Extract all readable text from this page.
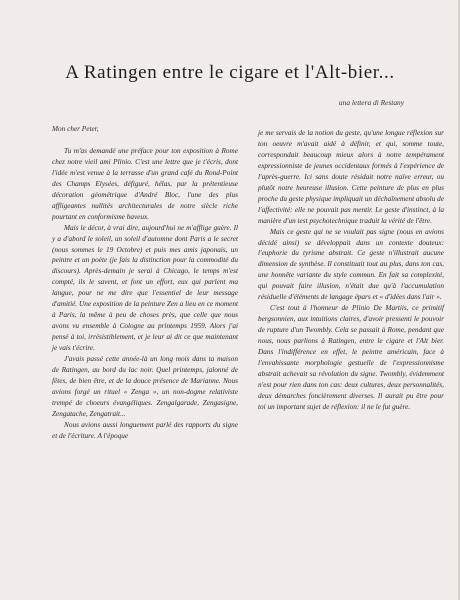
A Ratingen entre le cigare et l'Alt-bier...
una lettera di Restany

Mon cher Peter,

Tu m'as demandé une préface pour ton exposition à Rome chez notre vieil ami Plinio. C'est une lettre que je t'écris, dont l'idée m'est venue à la terrasse d'un grand café du Rond-Point des Champs Elysées, défiguré, hélas, par la prétentieuse décoration géométrique d'André Bloc, l'une des plus affligeantes nullités architecturales de notre siècle riche pourtant en conformisme baveux.

Mais le décor, à vrai dire, aujourd'hui ne m'afflige guère. Il y a d'abord le soleil, un soleil d'automne dont Paris a le secret (nous sommes le 19 Octobre) et puis mes amis japonais, un peintre et un poète (je fais la distinction pour la commodité du discours). Après-demain je serai à Chicago, le temps m'est compté, ils le savent, et font un effort, eux qui parlent ma langue, pour ne me dire que l'essentiel de leur message d'amitié. Une exposition de la peinture Zen a lieu en ce moment à Paris, la même à peu de choses près, que celle que nous avons vu ensemble à Cologne au printemps 1959. Alors j'ai pensé à toi, irrésistiblement, et je leur ai dit ce que maintenant je vais t'écrire.

J'avais passé cette année-là un long mois dans ta maison de Ratingen, au bord du lac noir. Quel printemps, jalonné de fêtes, de bien être, et de la douce présence de Marianne. Nous avions forgé un rituel « Zenga », un non-dogme relativiste trempé de choeurs évangéliques. Zengalgarade, Zengasigne, Zengatache, Zengatrait...

Nous avions aussi longuement parlé des rapports du signe et de l'écriture. A l'époque

je me servais de la notion du geste, qu'une longue réflexion sur ton oeuvre m'avait aidé à définir, et qui, somme toute, correspondait beaucoup mieux alors à notre tempérament expressionniste de jeunes occidentaux formés à l'expérience de l'après-guerre. Ici sans doute résidait notre naïve erreur, ou plutôt notre heureuse illusion. Cette peinture de plus en plus proche du geste physique impliquait un déchaînement absolu de l'affectivité: elle ne pouvait pas mentir. Le geste d'instinct, à la manière d'un test psychotechnique traduit la vérité de l'être.

Mais ce geste qui ne se voulait pas signe (nous en avions décidé ainsi) se développait dans un contexte douteux: l'euphorie du tyrisme abstrait. Ce geste n'illustrait aucune dimension de synthèse. Il constituait tout au plus, dans ton cas, une honnête variante du style commun. En fait sa complexité, qui pouvait faire illusion, n'était due qu'à l'accumulation résiduelle d'éléments de langage épars et « d'idées dans l'air ».

C'est tout à l'honneur de Plinio De Martiis, ce primitif bergsonnien, aux intuitions claires, d'avoir pressenti le pouvoir de rupture d'un Twombly. Cela se passait à Rome, pendant que nous, nous parlions à Ratingen, entre le cigare et l'Alt bier. Dans l'indifférence en effet, le peintre américain, face à l'envahissante morphologie gestuelle de l'expressionnisme abstrait achevait sa révolution du signe. Twombly, évidemment n'est pour rien dans ton cas: deux cultures, deux personnalités, deux démarches foncièrement diverses. Il aurait pu être pour toi un important sujet de réflexion: il ne le fut guère.
